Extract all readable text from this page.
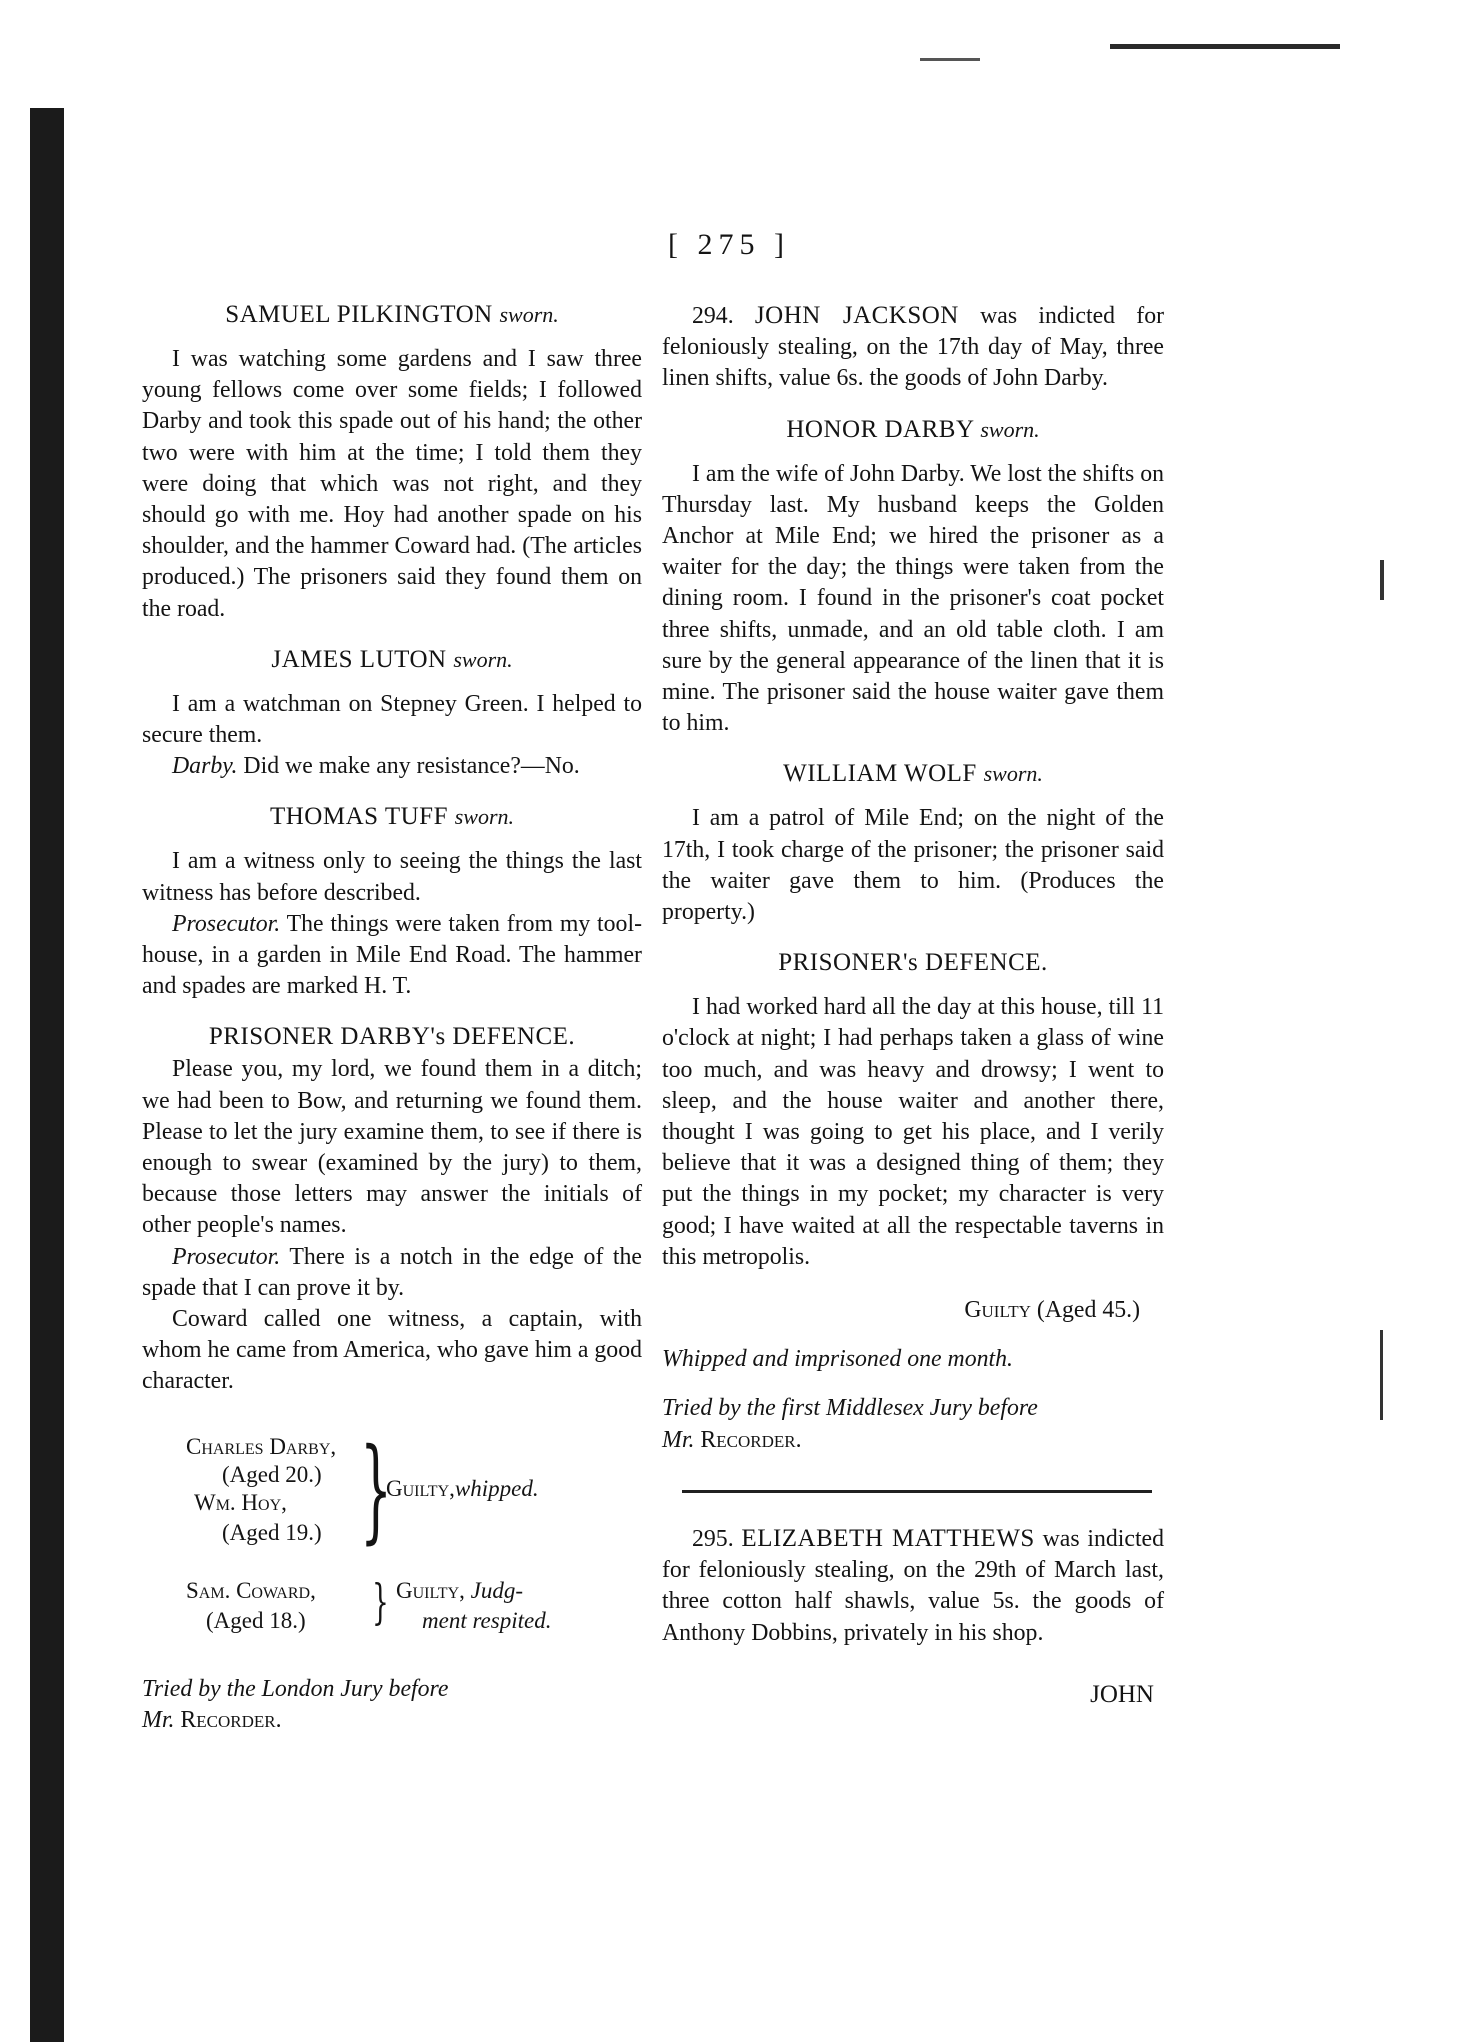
[ 275 ]
SAMUEL PILKINGTON sworn.

I was watching some gardens and I saw three young fellows come over some fields; I followed Darby and took this spade out of his hand; the other two were with him at the time; I told them they were doing that which was not right, and they should go with me. Hoy had another spade on his shoulder, and the hammer Coward had. (The articles produced.) The prisoners said they found them on the road.

JAMES LUTON sworn.

I am a watchman on Stepney Green. I helped to secure them.

Darby. Did we make any resistance?—No.

THOMAS TUFF sworn.

I am a witness only to seeing the things the last witness has before described.

Prosecutor. The things were taken from my tool-house, in a garden in Mile End Road. The hammer and spades are marked H. T.

PRISONER DARBY's DEFENCE.

Please you, my lord, we found them in a ditch; we had been to Bow, and returning we found them. Please to let the jury examine them, to see if there is enough to swear (examined by the jury) to them, because those letters may answer the initials of other people's names.

Prosecutor. There is a notch in the edge of the spade that I can prove it by.

Coward called one witness, a captain, with whom he came from America, who gave him a good character.

Charles Darby,
(Aged 20.)
Wm. Hoy,
(Aged 19.) }
Guilty,whipped.
Sam. Coward,
(Aged 18.) } Guilty, Judg-
ment respited.

Tried by the London Jury before

Mr. Recorder.

294. JOHN JACKSON was indicted for feloniously stealing, on the 17th day of May, three linen shifts, value 6s. the goods of John Darby.

HONOR DARBY sworn.

I am the wife of John Darby. We lost the shifts on Thursday last. My husband keeps the Golden Anchor at Mile End; we hired the prisoner as a waiter for the day; the things were taken from the dining room. I found in the prisoner's coat pocket three shifts, unmade, and an old table cloth. I am sure by the general appearance of the linen that it is mine. The prisoner said the house waiter gave them to him.

WILLIAM WOLF sworn.

I am a patrol of Mile End; on the night of the 17th, I took charge of the prisoner; the prisoner said the waiter gave them to him. (Produces the property.)

PRISONER's DEFENCE.

I had worked hard all the day at this house, till 11 o'clock at night; I had perhaps taken a glass of wine too much, and was heavy and drowsy; I went to sleep, and the house waiter and another there, thought I was going to get his place, and I verily believe that it was a designed thing of them; they put the things in my pocket; my character is very good; I have waited at all the respectable taverns in this metropolis.

Guilty (Aged 45.)

Whipped and imprisoned one month.

Tried by the first Middlesex Jury before

Mr. Recorder.

295. ELIZABETH MATTHEWS was indicted for feloniously stealing, on the 29th of March last, three cotton half shawls, value 5s. the goods of Anthony Dobbins, privately in his shop.

JOHN
